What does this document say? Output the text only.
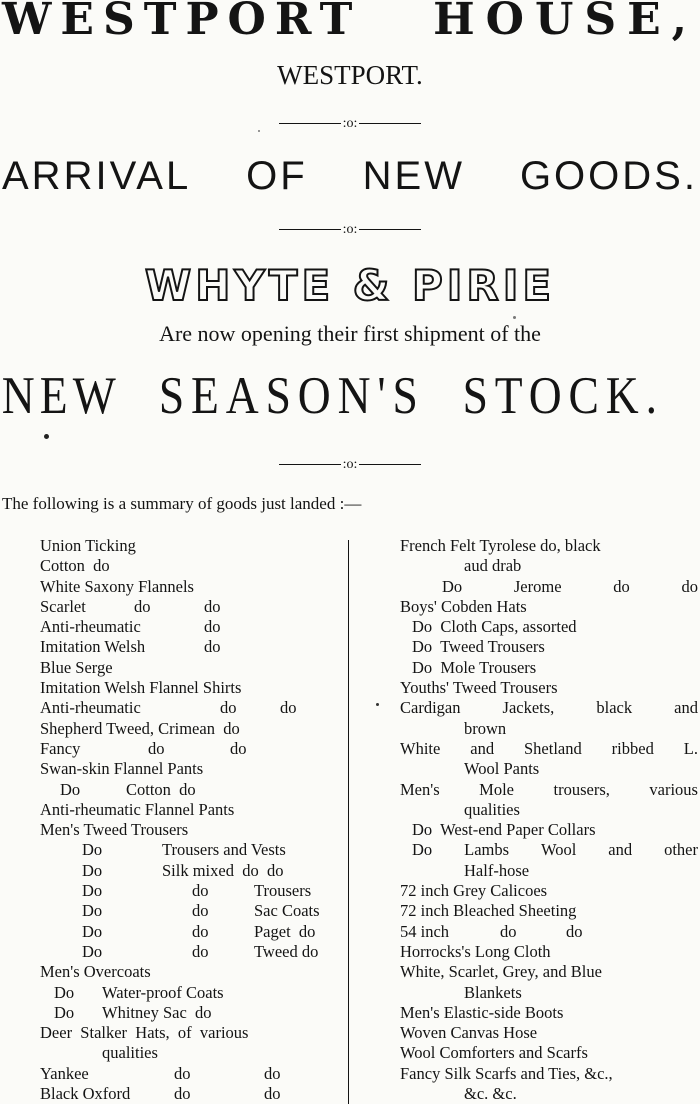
WESTPORT HOUSE,
WESTPORT.
:o:
ARRIVAL OF NEW GOODS.
:o:
WHYTE & PIRIE
Are now opening their first shipment of the
NEW SEASON'S STOCK.
:o:
The following is a summary of goods just landed :—
Union Ticking
Cotton  do
White Saxony Flannels
Scarlet	do	do
Anti-rheumatic	do
Imitation Welsh	do
Blue Serge
Imitation Welsh Flannel Shirts
Anti-rheumatic	do	do
Shepherd Tweed, Crimean  do
Fancy	do	do
Swan-skin Flannel Pants
Do	Cotton  do
Anti-rheumatic Flannel Pants
Men's Tweed Trousers
Do	Trousers and Vests
Do	Silk mixed  do  do
Do	do	Trousers
Do	do	Sac Coats
Do	do	Paget  do
Do	do	Tweed do
Men's Overcoats
Do Water-proof Coats
Do Whitney Sac  do
Deer  Stalker  Hats,  of  various
qualities
Yankee	do	do
Black Oxford	do	do
French Felt Tyrolese do, black
aud drab
Do	Jerome	do	do
Boys' Cobden Hats
Do  Cloth Caps, assorted
Do  Tweed Trousers
Do  Mole Trousers
Youths' Tweed Trousers
Cardigan	Jackets,	black	and
brown
White and Shetland ribbed L.
Wool Pants
Men's Mole trousers, various
qualities
Do  West-end Paper Collars
Do Lambs Wool and other
Half-hose
72 inch Grey Calicoes
72 inch Bleached Sheeting
54 inch	do	do
Horrocks's Long Cloth
White, Scarlet, Grey, and Blue
Blankets
Men's Elastic-side Boots
Woven Canvas Hose
Wool Comforters and Scarfs
Fancy Silk Scarfs and Ties, &c.,
&c. &c.
